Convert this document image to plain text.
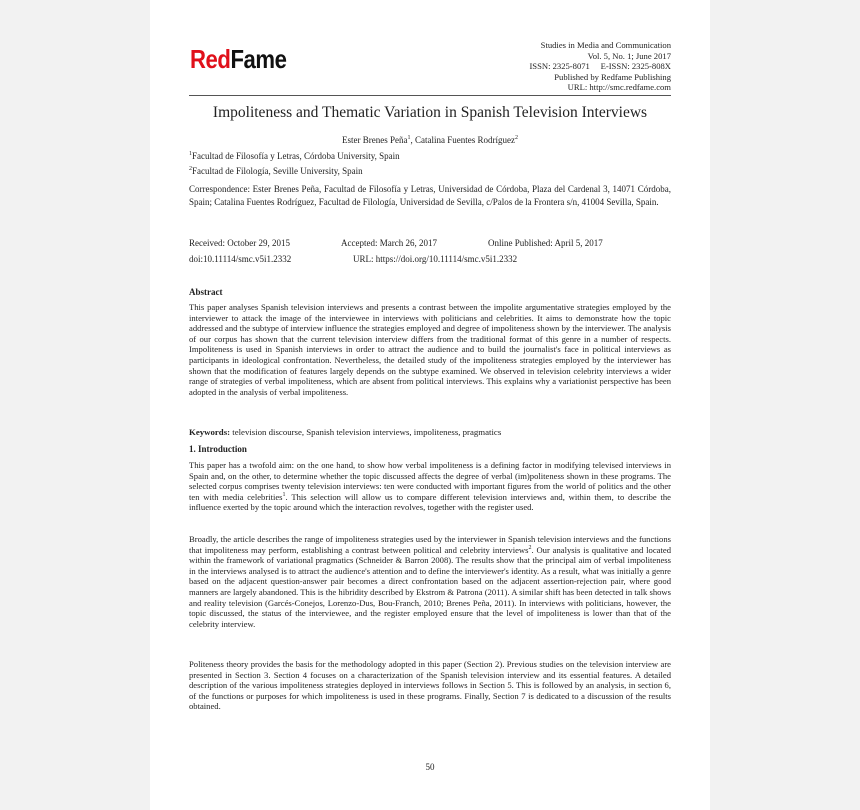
RedFame	Studies in Media and Communication
Vol. 5, No. 1; June 2017
ISSN: 2325-8071     E-ISSN: 2325-808X
Published by Redfame Publishing
URL: http://smc.redfame.com
Impoliteness and Thematic Variation in Spanish Television Interviews
Ester Brenes Peña$^1$, Catalina Fuentes Rodríguez$^2$
$^1$Facultad de Filosofía y Letras, Córdoba University, Spain
$^2$Facultad de Filología, Seville University, Spain
Correspondence: Ester Brenes Peña, Facultad de Filosofía y Letras, Universidad de Córdoba, Plaza del Cardenal 3, 14071 Córdoba, Spain; Catalina Fuentes Rodríguez, Facultad de Filología, Universidad de Sevilla, c/Palos de la Frontera s/n, 41004 Sevilla, Spain.
Received: October 29, 2015	Accepted: March 26, 2017	Online Published: April 5, 2017
doi:10.11114/smc.v5i1.2332	URL: https://doi.org/10.11114/smc.v5i1.2332
Abstract
This paper analyses Spanish television interviews and presents a contrast between the impolite argumentative strategies employed by the interviewer to attack the image of the interviewee in interviews with politicians and celebrities. It aims to demonstrate how the topic addressed and the subtype of interview influence the strategies employed and degree of impoliteness shown by the interviewer. The analysis of our corpus has shown that the current television interview differs from the traditional format of this genre in a number of respects. Impoliteness is used in Spanish interviews in order to attract the audience and to build the journalist's face in political interviews as participants in ideological confrontation. Nevertheless, the detailed study of the impoliteness strategies employed by the interviewer has shown that the modification of features largely depends on the subtype examined. We observed in television celebrity interviews a wider range of strategies of verbal impoliteness, which are absent from political interviews. This explains why a variationist perspective has been adopted in the analysis of verbal impoliteness.
Keywords: television discourse, Spanish television interviews, impoliteness, pragmatics
1. Introduction
This paper has a twofold aim: on the one hand, to show how verbal impoliteness is a defining factor in modifying televised interviews in Spain and, on the other, to determine whether the topic discussed affects the degree of verbal (im)politeness shown in these programs. The selected corpus comprises twenty television interviews: ten were conducted with important figures from the world of politics and the other ten with media celebrities$^1$. This selection will allow us to compare different television interviews and, within them, to describe the influence exerted by the topic around which the interaction revolves, together with the register used.
Broadly, the article describes the range of impoliteness strategies used by the interviewer in Spanish television interviews and the functions that impoliteness may perform, establishing a contrast between political and celebrity interviews$^2$. Our analysis is qualitative and located within the framework of variational pragmatics (Schneider & Barron 2008). The results show that the principal aim of verbal impoliteness in the interviews analysed is to attract the audience's attention and to define the interviewer's identity. As a result, what was initially a genre based on the adjacent question-answer pair becomes a direct confrontation based on the adjacent assertion-rejection pair, where good manners are largely abandoned. This is the hibridity described by Ekstrom & Patrona (2011). A similar shift has been detected in talk shows and reality television (Garcés-Conejos, Lorenzo-Dus, Bou-Franch, 2010; Brenes Peña, 2011). In interviews with politicians, however, the topic discussed, the status of the interviewee, and the register employed ensure that the level of impoliteness is lower than that of the celebrity interview.
Politeness theory provides the basis for the methodology adopted in this paper (Section 2). Previous studies on the television interview are presented in Section 3. Section 4 focuses on a characterization of the Spanish television interview and its essential features. A detailed description of the various impoliteness strategies deployed in interviews follows in Section 5. This is followed by an analysis, in section 6, of the functions or purposes for which impoliteness is used in these programs. Finally, Section 7 is dedicated to a discussion of the results obtained.
50
